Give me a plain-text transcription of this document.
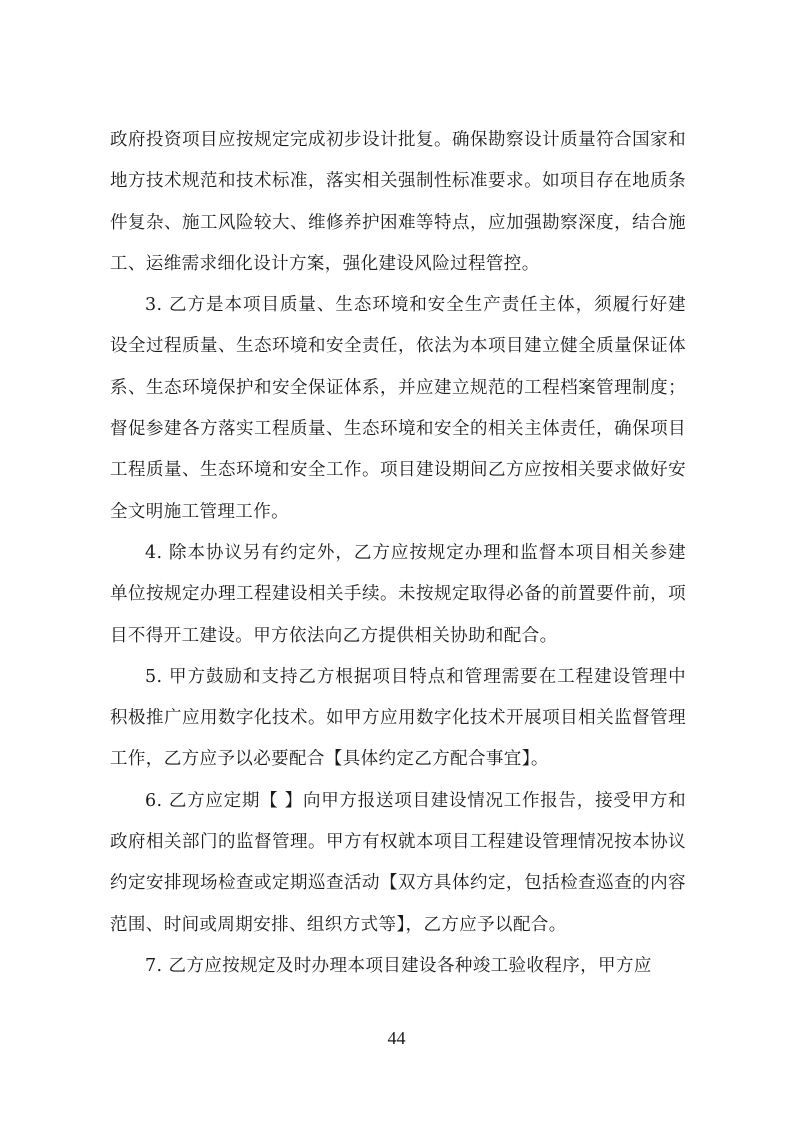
政府投资项目应按规定完成初步设计批复。确保勘察设计质量符合国家和地方技术规范和技术标准，落实相关强制性标准要求。如项目存在地质条件复杂、施工风险较大、维修养护困难等特点，应加强勘察深度，结合施工、运维需求细化设计方案，强化建设风险过程管控。

3. 乙方是本项目质量、生态环境和安全生产责任主体，须履行好建设全过程质量、生态环境和安全责任，依法为本项目建立健全质量保证体系、生态环境保护和安全保证体系，并应建立规范的工程档案管理制度；督促参建各方落实工程质量、生态环境和安全的相关主体责任，确保项目工程质量、生态环境和安全工作。项目建设期间乙方应按相关要求做好安全文明施工管理工作。

4. 除本协议另有约定外，乙方应按规定办理和监督本项目相关参建单位按规定办理工程建设相关手续。未按规定取得必备的前置要件前，项目不得开工建设。甲方依法向乙方提供相关协助和配合。

5. 甲方鼓励和支持乙方根据项目特点和管理需要在工程建设管理中积极推广应用数字化技术。如甲方应用数字化技术开展项目相关监督管理工作，乙方应予以必要配合【具体约定乙方配合事宜】。

6. 乙方应定期【 】向甲方报送项目建设情况工作报告，接受甲方和政府相关部门的监督管理。甲方有权就本项目工程建设管理情况按本协议约定安排现场检查或定期巡查活动【双方具体约定，包括检查巡查的内容范围、时间或周期安排、组织方式等】，乙方应予以配合。

7. 乙方应按规定及时办理本项目建设各种竣工验收程序，甲方应

44
